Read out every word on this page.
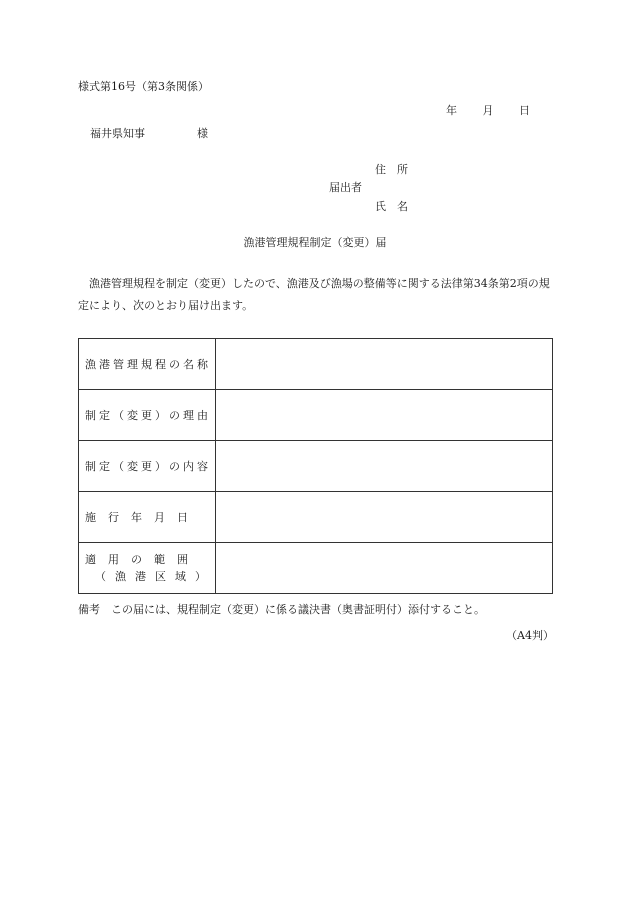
様式第16号（第3条関係）
年 月 日
福井県知事	様
住　所
届出者
氏　名
漁港管理規程制定（変更）届
漁港管理規程を制定（変更）したので、漁港及び漁場の整備等に関する法律第34条第2項の規定により、次のとおり届け出ます。
漁港管理規程の名称	
制定（変更）の理由	
制定（変更）の内容	
施行年月日	

適用の範囲
（漁港区域）	

備考　この届には、規程制定（変更）に係る議決書（奥書証明付）添付すること。
（A4判）
